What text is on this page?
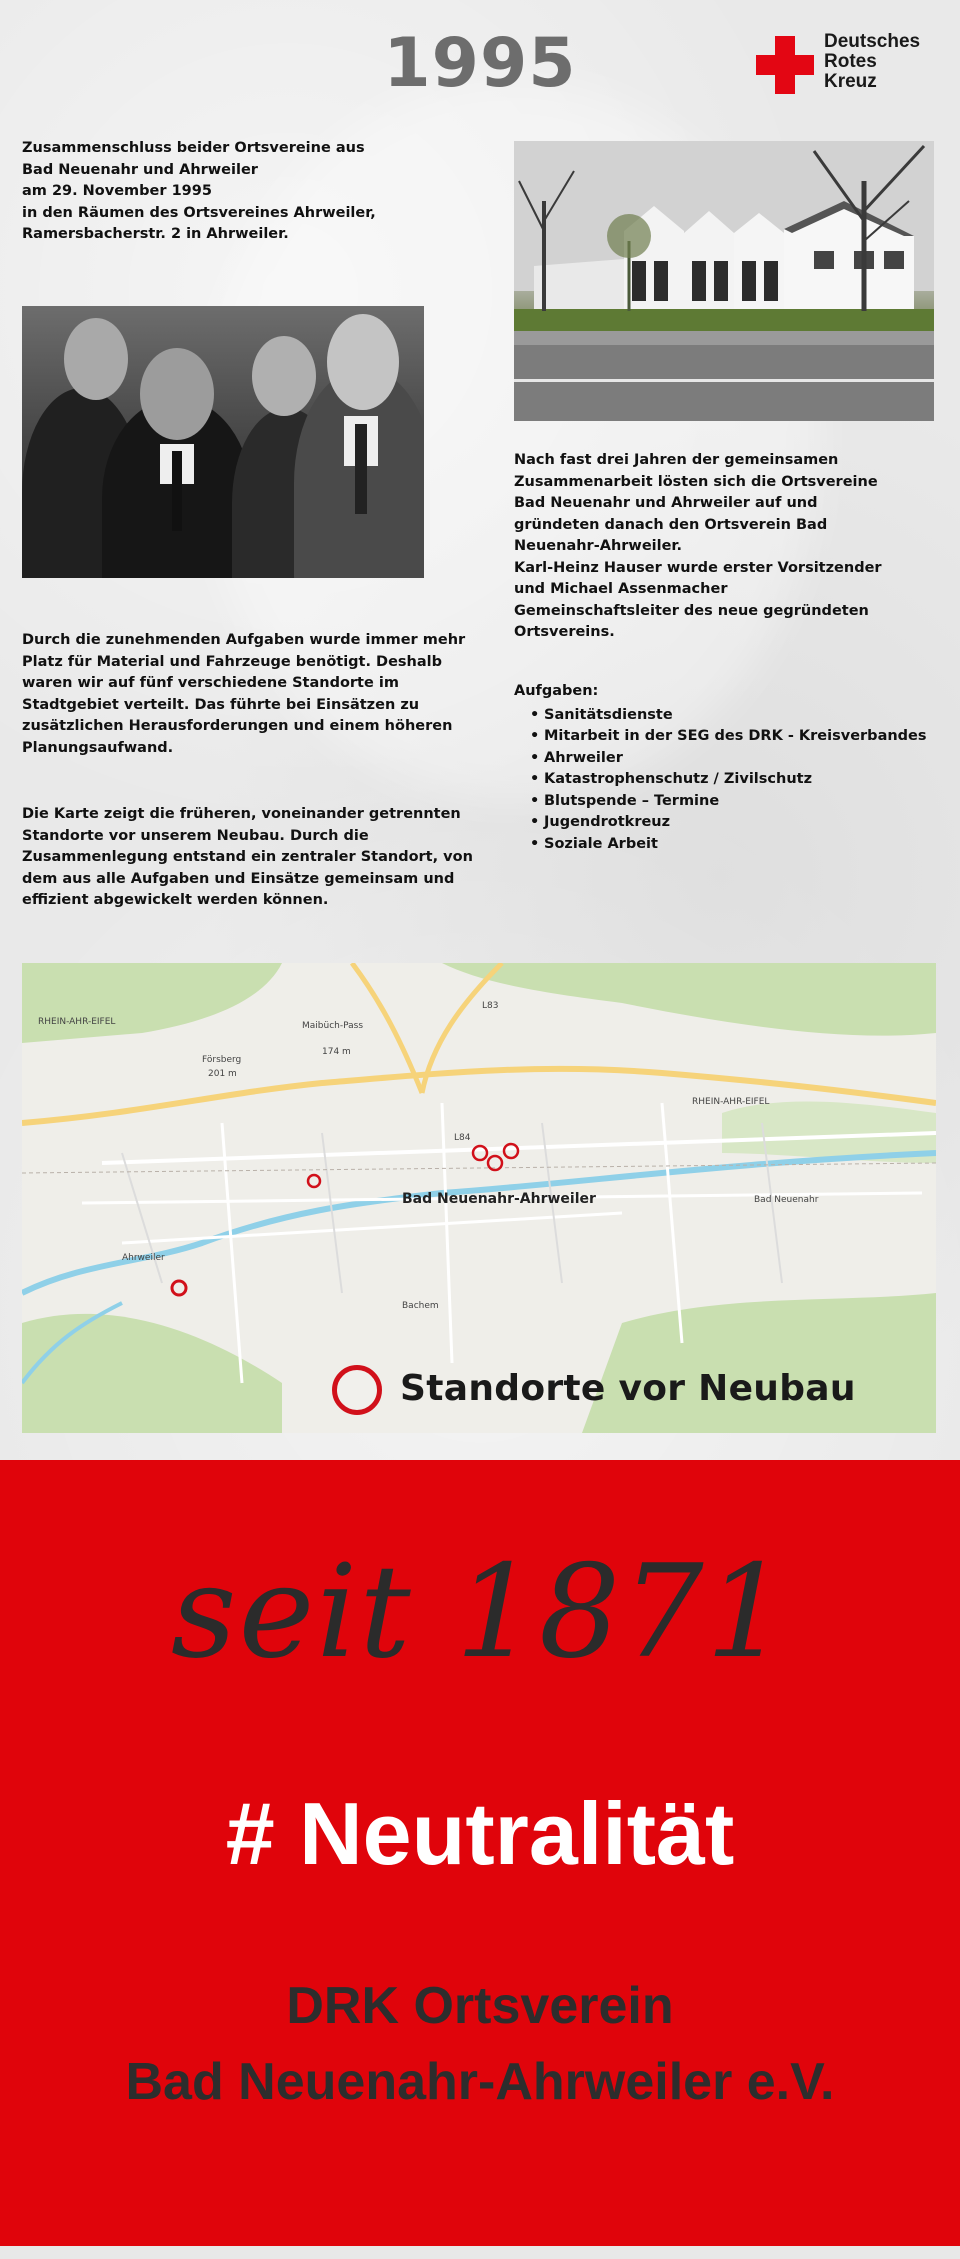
1995	Deutsches
Rotes
Kreuz
Zusammenschluss beider Ortsvereine aus
Bad Neuenahr und Ahrweiler
am 29. November 1995
in den Räumen des Ortsvereines Ahrweiler,
Ramersbacherstr. 2 in Ahrweiler.
Nach fast drei Jahren der gemeinsamen
Zusammenarbeit lösten sich die Ortsvereine
Bad Neuenahr und Ahrweiler auf und
gründeten danach den Ortsverein Bad
Neuenahr-Ahrweiler.
Karl-Heinz Hauser wurde erster Vorsitzender
und Michael Assenmacher
Gemeinschaftsleiter des neue gegründeten
Ortsvereins.
Aufgaben:
• Sanitätsdienste
• Mitarbeit in der SEG des DRK - Kreisverbandes
• Ahrweiler
• Katastrophenschutz / Zivilschutz
• Blutspende – Termine
• Jugendrotkreuz
• Soziale Arbeit
Durch die zunehmenden Aufgaben wurde immer mehr
Platz für Material und Fahrzeuge benötigt. Deshalb
waren wir auf fünf verschiedene Standorte im
Stadtgebiet verteilt. Das führte bei Einsätzen zu
zusätzlichen Herausforderungen und einem höheren
Planungsaufwand.
Die Karte zeigt die früheren, voneinander getrennten
Standorte vor unserem Neubau. Durch die
Zusammenlegung entstand ein zentraler Standort, von
dem aus alle Aufgaben und Einsätze gemeinsam und
effizient abgewickelt werden können.
RHEIN-AHR-EIFEL
Försberg
201 m
Maibüch-Pass
174 m
L83
L84
RHEIN-AHR-EIFEL
Bad Neuenahr-Ahrweiler	Bad Neuenahr
Ahrweiler
Bachem
Standorte vor Neubau
seit 1871
# Neutralität
DRK Ortsverein
Bad Neuenahr-Ahrweiler e.V.
